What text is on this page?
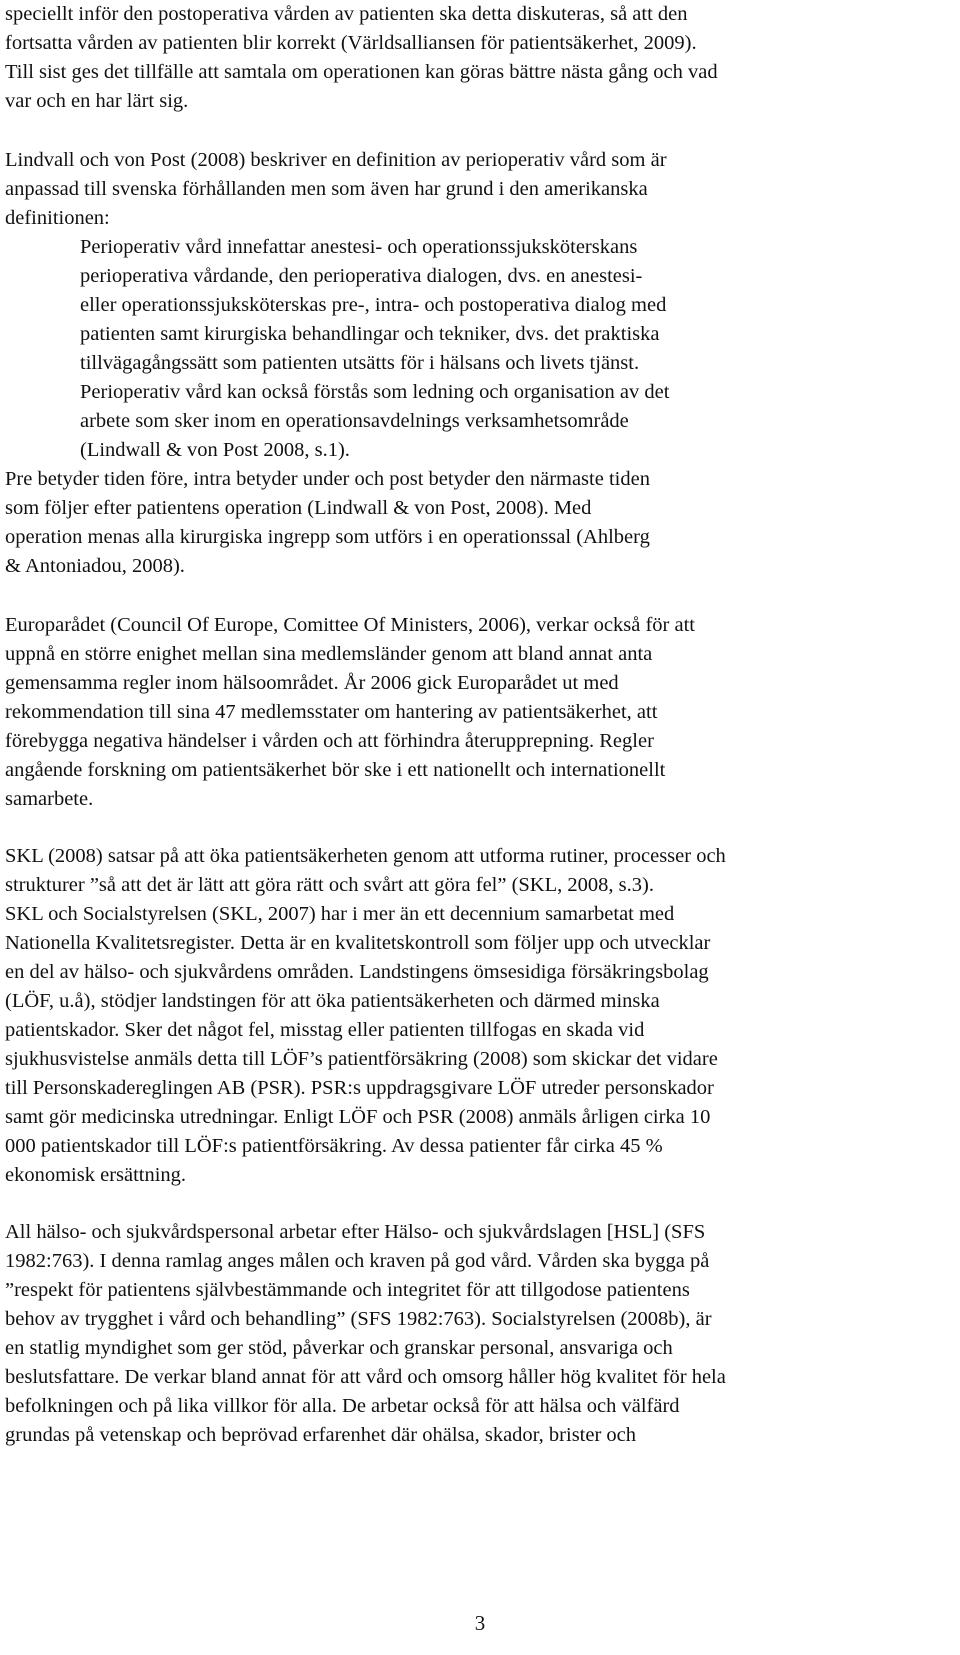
speciellt inför den postoperativa vården av patienten ska detta diskuteras, så att den
fortsatta vården av patienten blir korrekt (Världsalliansen för patientsäkerhet, 2009).
Till sist ges det tillfälle att samtala om operationen kan göras bättre nästa gång och vad
var och en har lärt sig.

Lindvall och von Post (2008) beskriver en definition av perioperativ vård som är
anpassad till svenska förhållanden men som även har grund i den amerikanska
definitionen:

Perioperativ vård innefattar anestesi- och operationssjuksköterskans
perioperativa vårdande, den perioperativa dialogen, dvs. en anestesi-
eller operationssjuksköterskas pre-, intra- och postoperativa dialog med
patienten samt kirurgiska behandlingar och tekniker, dvs. det praktiska
tillvägagångssätt som patienten utsätts för i hälsans och livets tjänst.
Perioperativ vård kan också förstås som ledning och organisation av det
arbete som sker inom en operationsavdelnings verksamhetsområde
(Lindwall & von Post 2008, s.1).

Pre betyder tiden före, intra betyder under och post betyder den närmaste tiden
som följer efter patientens operation (Lindwall & von Post, 2008). Med
operation menas alla kirurgiska ingrepp som utförs i en operationssal (Ahlberg
& Antoniadou, 2008).

Europarådet (Council Of Europe, Comittee Of Ministers, 2006), verkar också för att
uppnå en större enighet mellan sina medlemsländer genom att bland annat anta
gemensamma regler inom hälsoområdet. År 2006 gick Europarådet ut med
rekommendation till sina 47 medlemsstater om hantering av patientsäkerhet, att
förebygga negativa händelser i vården och att förhindra återupprepning. Regler
angående forskning om patientsäkerhet bör ske i ett nationellt och internationellt
samarbete.

SKL (2008) satsar på att öka patientsäkerheten genom att utforma rutiner, processer och
strukturer ”så att det är lätt att göra rätt och svårt att göra fel” (SKL, 2008, s.3).
SKL och Socialstyrelsen (SKL, 2007) har i mer än ett decennium samarbetat med
Nationella Kvalitetsregister. Detta är en kvalitetskontroll som följer upp och utvecklar
en del av hälso- och sjukvårdens områden. Landstingens ömsesidiga försäkringsbolag
(LÖF, u.å), stödjer landstingen för att öka patientsäkerheten och därmed minska
patientskador. Sker det något fel, misstag eller patienten tillfogas en skada vid
sjukhusvistelse anmäls detta till LÖF’s patientförsäkring (2008) som skickar det vidare
till Personskadereglingen AB (PSR). PSR:s uppdragsgivare LÖF utreder personskador
samt gör medicinska utredningar. Enligt LÖF och PSR (2008) anmäls årligen cirka 10
000 patientskador till LÖF:s patientförsäkring. Av dessa patienter får cirka 45 %
ekonomisk ersättning.

All hälso- och sjukvårdspersonal arbetar efter Hälso- och sjukvårdslagen [HSL] (SFS
1982:763). I denna ramlag anges målen och kraven på god vård. Vården ska bygga på
”respekt för patientens självbestämmande och integritet för att tillgodose patientens
behov av trygghet i vård och behandling” (SFS 1982:763). Socialstyrelsen (2008b), är
en statlig myndighet som ger stöd, påverkar och granskar personal, ansvariga och
beslutsfattare. De verkar bland annat för att vård och omsorg håller hög kvalitet för hela
befolkningen och på lika villkor för alla. De arbetar också för att hälsa och välfärd
grundas på vetenskap och beprövad erfarenhet där ohälsa, skador, brister och

3
